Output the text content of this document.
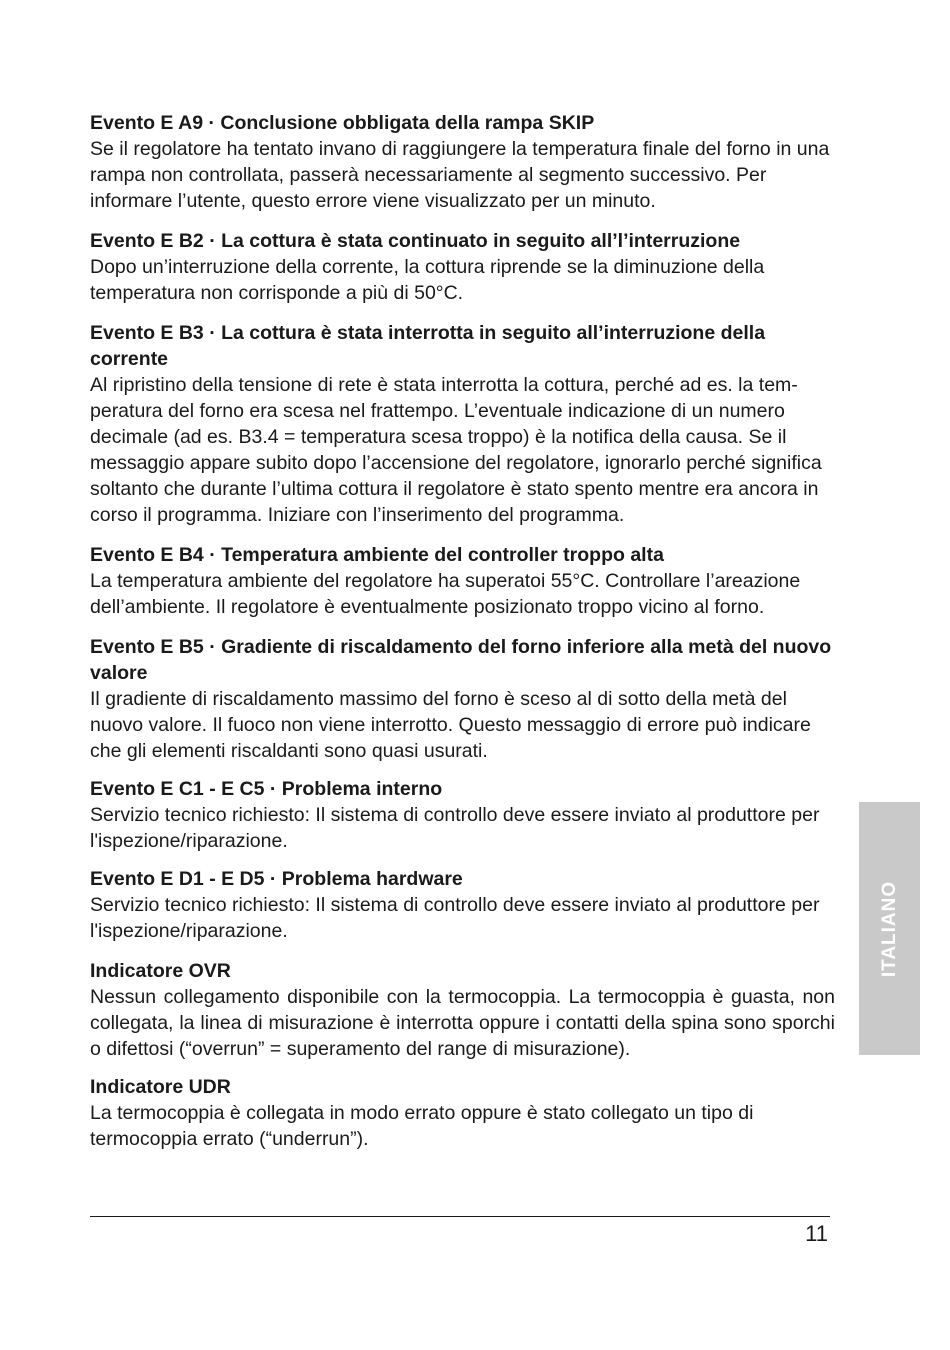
Evento E A9 · Conclusione obbligata della rampa SKIP

Se il regolatore ha tentato invano di raggiungere la temperatura finale del forno in una rampa non controllata, passerà necessariamente al segmento successivo. Per informare l’utente, questo errore viene visualizzato per un minuto.

Evento E B2 · La cottura è stata continuato in seguito all’l’interruzione

Dopo un’interruzione della corrente, la cottura riprende se la diminuzione della temperatura non corrisponde a più di 50°C.

Evento E B3 · La cottura è stata interrotta in seguito all’interruzione della corrente

Al ripristino della tensione di rete è stata interrotta la cottura, perché ad es. la tem-peratura del forno era scesa nel frattempo. L’eventuale indicazione di un numero decimale (ad es. B3.4 = temperatura scesa troppo) è la notifica della causa. Se il messaggio appare subito dopo l’accensione del regolatore, ignorarlo perché significa soltanto che durante l’ultima cottura il regolatore è stato spento mentre era ancora in corso il programma. Iniziare con l’inserimento del programma.

Evento E B4 · Temperatura ambiente del controller troppo alta

La temperatura ambiente del regolatore ha superatoi 55°C. Controllare l’areazione dell’ambiente. Il regolatore è eventualmente posizionato troppo vicino al forno.

Evento E B5 · Gradiente di riscaldamento del forno inferiore alla metà del nuovo valore

Il gradiente di riscaldamento massimo del forno è sceso al di sotto della metà del nuovo valore. Il fuoco non viene interrotto. Questo messaggio di errore può indicare che gli elementi riscaldanti sono quasi usurati.

Evento E C1 - E C5 · Problema interno

Servizio tecnico richiesto: Il sistema di controllo deve essere inviato al produttore per l'ispezione/riparazione.

Evento E D1 - E D5 · Problema hardware

Servizio tecnico richiesto: Il sistema di controllo deve essere inviato al produttore per l'ispezione/riparazione.

Indicatore OVR

Nessun collegamento disponibile con la termocoppia. La termocoppia è guasta, non collegata, la linea di misurazione è interrotta oppure i contatti della spina sono sporchi o difettosi (“overrun” = superamento del range di misurazione).

Indicatore UDR

La termocoppia è collegata in modo errato oppure è stato collegato un tipo di termocoppia errato (“underrun”).

11
ITALIANO
